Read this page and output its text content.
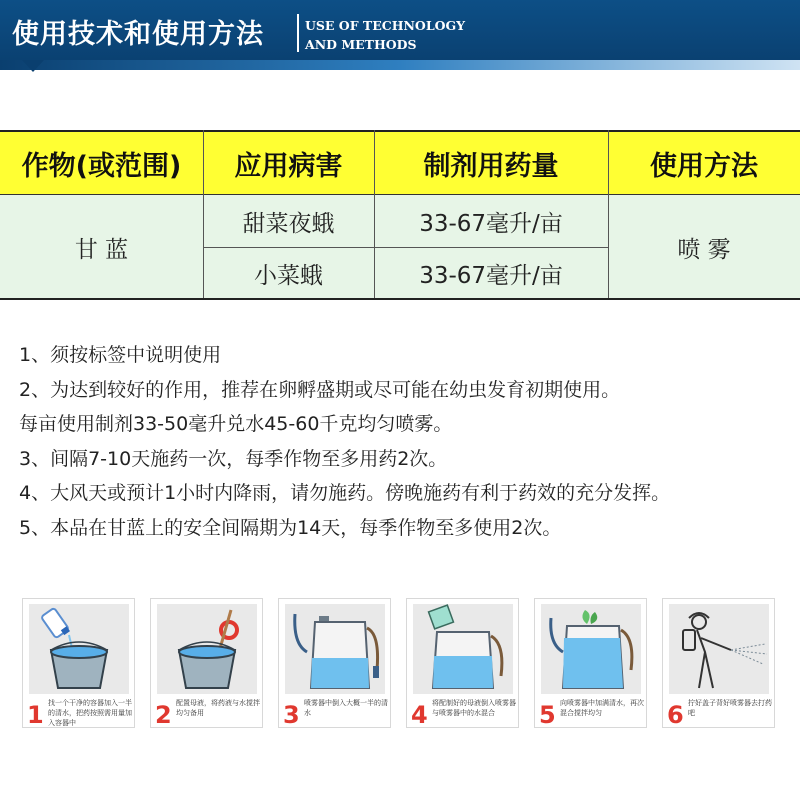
使用技术和使用方法	USE OF TECHNOLOGY
AND METHODS
作物(或范围)	应用病害	制剂用药量	使用方法
甘 蓝
甜菜夜蛾	33-67毫升/亩
小菜蛾	33-67毫升/亩
喷 雾
1、须按标签中说明使用
2、为达到较好的作用，推荐在卵孵盛期或尽可能在幼虫发育初期使用。
每亩使用制剂33-50毫升兑水45-60千克均匀喷雾。
3、间隔7-10天施药一次，每季作物至多用药2次。
4、大风天或预计1小时内降雨，请勿施药。傍晚施药有利于药效的充分发挥。
5、本品在甘蓝上的安全间隔期为14天，每季作物至多使用2次。
1 找一个干净的容器加入一半的清水，把药按照需用量加入容器中	2 配置母液，将药液与水搅拌均匀备用	3 喷雾器中倒入大概一半的清水	4 将配制好的母液倒入喷雾器与喷雾器中的水混合	5 向喷雾器中加满清水，再次混合搅拌均匀	6 拧好盖子背好喷雾器去打药吧
